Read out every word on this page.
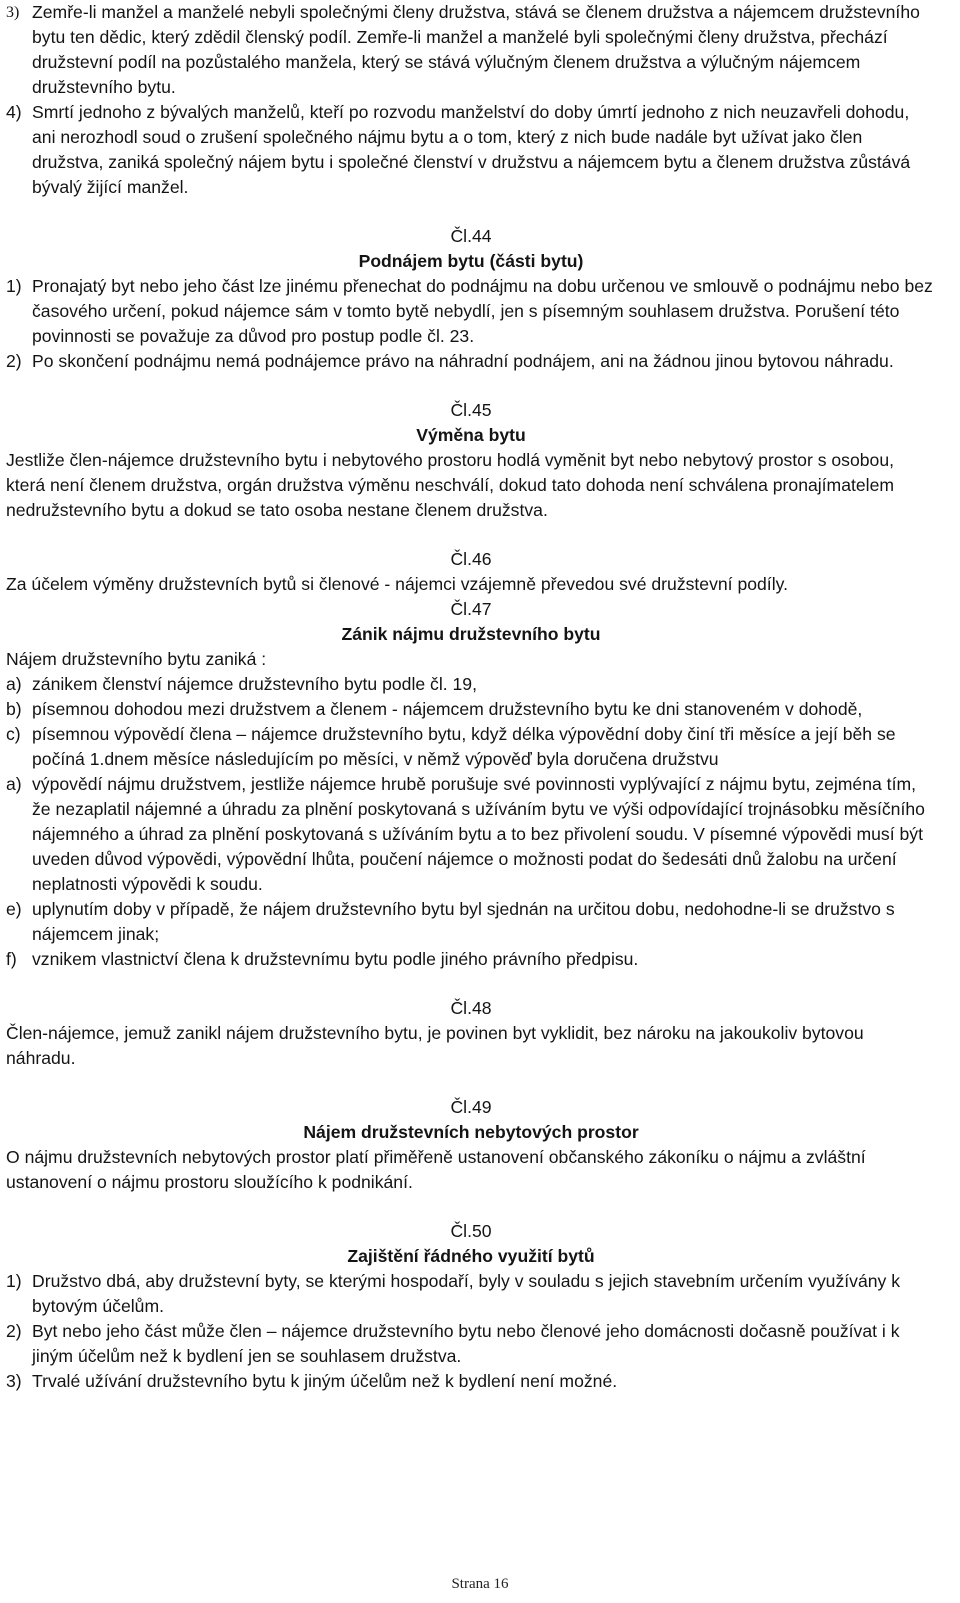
3) Zemře-li manžel a manželé nebyli společnými členy družstva, stává se členem družstva a nájemcem družstevního bytu ten dědic, který zdědil členský podíl. Zemře-li manžel a manželé byli společnými členy družstva, přechází družstevní podíl na pozůstalého manžela, který se stává výlučným členem družstva a výlučným nájemcem družstevního bytu.
4) Smrtí jednoho z bývalých manželů, kteří po rozvodu manželství do doby úmrtí jednoho z nich neuzavřeli dohodu, ani nerozhodl soud o zrušení společného nájmu bytu a o tom, který z nich bude nadále byt užívat jako člen družstva, zaniká společný nájem bytu i společné členství v družstvu a nájemcem bytu a členem družstva zůstává bývalý žijící manžel.
Čl.44
Podnájem bytu (části bytu)
1) Pronajatý byt nebo jeho část lze jinému přenechat do podnájmu na dobu určenou ve smlouvě o podnájmu nebo bez časového určení, pokud nájemce sám v tomto bytě nebydlí, jen s písemným souhlasem družstva. Porušení této povinnosti se považuje za důvod pro postup podle čl. 23.
2) Po skončení podnájmu nemá podnájemce právo na náhradní podnájem, ani na žádnou jinou bytovou náhradu.
Čl.45
Výměna bytu
Jestliže člen-nájemce družstevního bytu i nebytového prostoru hodlá vyměnit byt nebo nebytový prostor s osobou, která není členem družstva, orgán družstva výměnu neschválí, dokud tato dohoda není schválena pronajímatelem nedružstevního bytu a dokud se tato osoba nestane členem družstva.
Čl.46
Za účelem výměny družstevních bytů si členové - nájemci vzájemně převedou své družstevní podíly.
Čl.47
Zánik nájmu družstevního bytu
Nájem družstevního bytu zaniká :
a) zánikem členství nájemce družstevního bytu podle čl. 19,
b) písemnou dohodou mezi družstvem a členem - nájemcem družstevního bytu ke dni stanoveném v dohodě,
c) písemnou výpovědí člena – nájemce družstevního bytu, když délka výpovědní doby činí tři měsíce a její běh se počíná 1.dnem měsíce následujícím po měsíci, v němž výpověď byla doručena družstvu
a) výpovědí nájmu družstvem, jestliže nájemce hrubě porušuje své povinnosti vyplývající z nájmu bytu, zejména tím, že nezaplatil nájemné a úhradu za plnění poskytovaná s užíváním bytu ve výši odpovídající trojnásobku měsíčního nájemného a úhrad za plnění poskytovaná s užíváním bytu a to bez přivolení soudu. V písemné výpovědi musí být uveden důvod výpovědi, výpovědní lhůta, poučení nájemce o možnosti podat do šedesáti dnů žalobu na určení neplatnosti výpovědi k soudu.
e) uplynutím doby v případě, že nájem družstevního bytu byl sjednán na určitou dobu, nedohodne-li se družstvo s nájemcem jinak;
f) vznikem vlastnictví člena k družstevnímu bytu podle jiného právního předpisu.
Čl.48
Člen-nájemce, jemuž zanikl nájem družstevního bytu, je povinen byt vyklidit, bez nároku na jakoukoliv bytovou náhradu.
Čl.49
Nájem družstevních nebytových prostor
O nájmu družstevních nebytových prostor platí přiměřeně ustanovení občanského zákoníku o nájmu a zvláštní ustanovení o nájmu prostoru sloužícího k podnikání.
Čl.50
Zajištění řádného využití bytů
1) Družstvo dbá, aby družstevní byty, se kterými hospodaří, byly v souladu s jejich stavebním určením využívány k bytovým účelům.
2) Byt nebo jeho část může člen – nájemce družstevního bytu nebo členové jeho domácnosti dočasně používat i k jiným účelům než k bydlení jen se souhlasem družstva.
3) Trvalé užívání družstevního bytu k jiným účelům než k bydlení není možné.
Strana 16
